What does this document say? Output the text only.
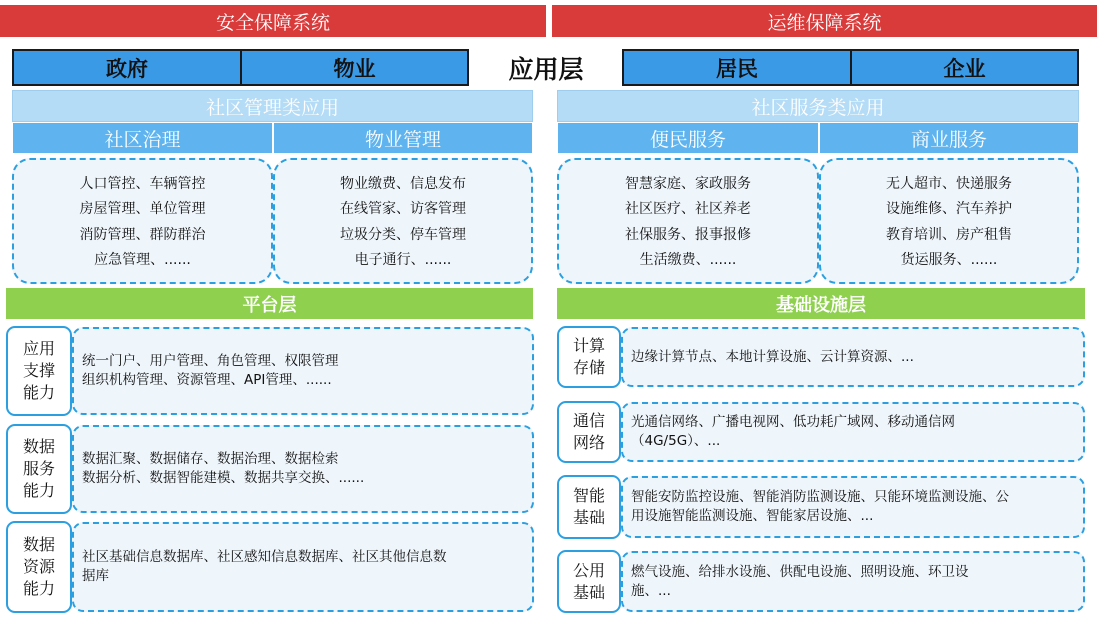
安全保障系统	运维保障系统
政府	物业	应用层	居民	企业
社区管理类应用
社区治理	物业管理
人口管控、车辆管控
房屋管理、单位管理
消防管理、群防群治
应急管理、......
物业缴费、信息发布
在线管家、访客管理
垃圾分类、停车管理
电子通行、......
社区服务类应用
便民服务	商业服务
智慧家庭、家政服务
社区医疗、社区养老
社保服务、报事报修
生活缴费、......
无人超市、快递服务
设施维修、汽车养护
教育培训、房产租售
货运服务、......
平台层
应用
支撑
能力
统一门户、用户管理、角色管理、权限管理
组织机构管理、资源管理、API管理、......
数据
服务
能力
数据汇聚、数据储存、数据治理、数据检索
数据分析、数据智能建模、数据共享交换、......
数据
资源
能力
社区基础信息数据库、社区感知信息数据库、社区其他信息数
据库
基础设施层
计算
存储
边缘计算节点、本地计算设施、云计算资源、...
通信
网络
光通信网络、广播电视网、低功耗广域网、移动通信网
（4G/5G）、...
智能
基础
智能安防监控设施、智能消防监测设施、只能环境监测设施、公
用设施智能监测设施、智能家居设施、...
公用
基础
燃气设施、给排水设施、供配电设施、照明设施、环卫设
施、...
